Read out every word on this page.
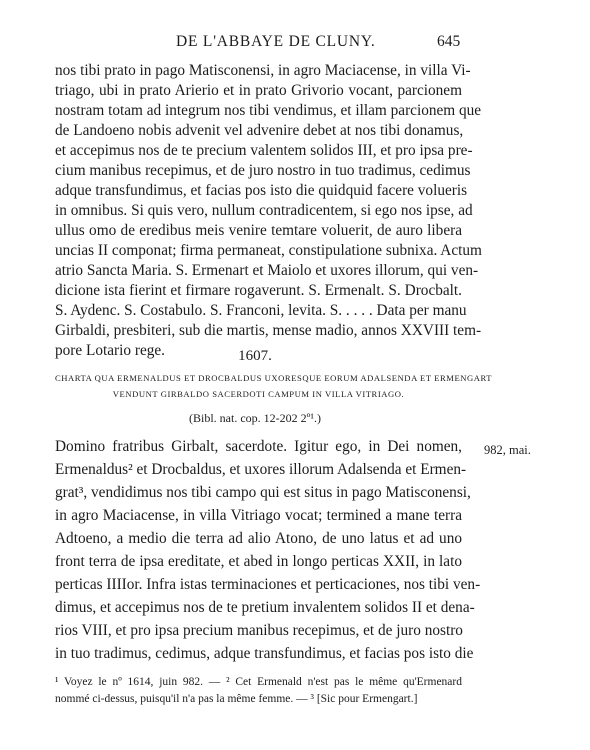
DE L'ABBAYE DE CLUNY.	645
nos tibi prato in pago Matisconensi, in agro Maciacense, in villa Vi-
triago, ubi in prato Arierio et in prato Grivorio vocant, parcionem
nostram totam ad integrum nos tibi vendimus, et illam parcionem que
de Landoeno nobis advenit vel advenire debet at nos tibi donamus,
et accepimus nos de te precium valentem solidos III, et pro ipsa pre-
cium manibus recepimus, et de juro nostro in tuo tradimus, cedimus
adque transfundimus, et facias pos isto die quidquid facere volueris
in omnibus. Si quis vero, nullum contradicentem, si ego nos ipse, ad
ullus omo de eredibus meis venire temtare voluerit, de auro libera
uncias II componat; firma permaneat, constipulatione subnixa. Actum
atrio Sancta Maria. S. Ermenart et Maiolo et uxores illorum, qui ven-
dicione ista fierint et firmare rogaverunt. S. Ermenalt. S. Drocbalt.
S. Aydenc. S. Costabulo. S. Franconi, levita. S. . . . . Data per manu
Girbaldi, presbiteri, sub die martis, mense madio, annos XXVIII tem-
pore Lotario rege.	1607.
CHARTA QUA ERMENALDUS ET DROCBALDUS UXORESQUE EORUM ADALSENDA ET ERMENGART
VENDUNT GIRBALDO SACERDOTI CAMPUM IN VILLA VITRIAGO.
(Bibl. nat. cop. 12-202 2º¹.)
982, mai.
Domino fratribus Girbalt, sacerdote. Igitur ego, in Dei nomen,
Ermenaldus² et Drocbaldus, et uxores illorum Adalsenda et Ermen-
grat³, vendidimus nos tibi campo qui est situs in pago Matisconensi,
in agro Maciacense, in villa Vitriago vocat; termined a mane terra
Adtoeno, a medio die terra ad alio Atono, de uno latus et ad uno
front terra de ipsa ereditate, et abed in longo perticas XXII, in lato
perticas IIIIor. Infra istas terminaciones et perticaciones, nos tibi ven-
dimus, et accepimus nos de te pretium invalentem solidos II et dena-
rios VIII, et pro ipsa precium manibus recepimus, et de juro nostro
in tuo tradimus, cedimus, adque transfundimus, et facias pos isto die
¹ Voyez le nº 1614, juin 982. — ² Cet Ermenald n'est pas le même qu'Ermenard
nommé ci-dessus, puisqu'il n'a pas la même femme. — ³ [Sic pour Ermengart.]
